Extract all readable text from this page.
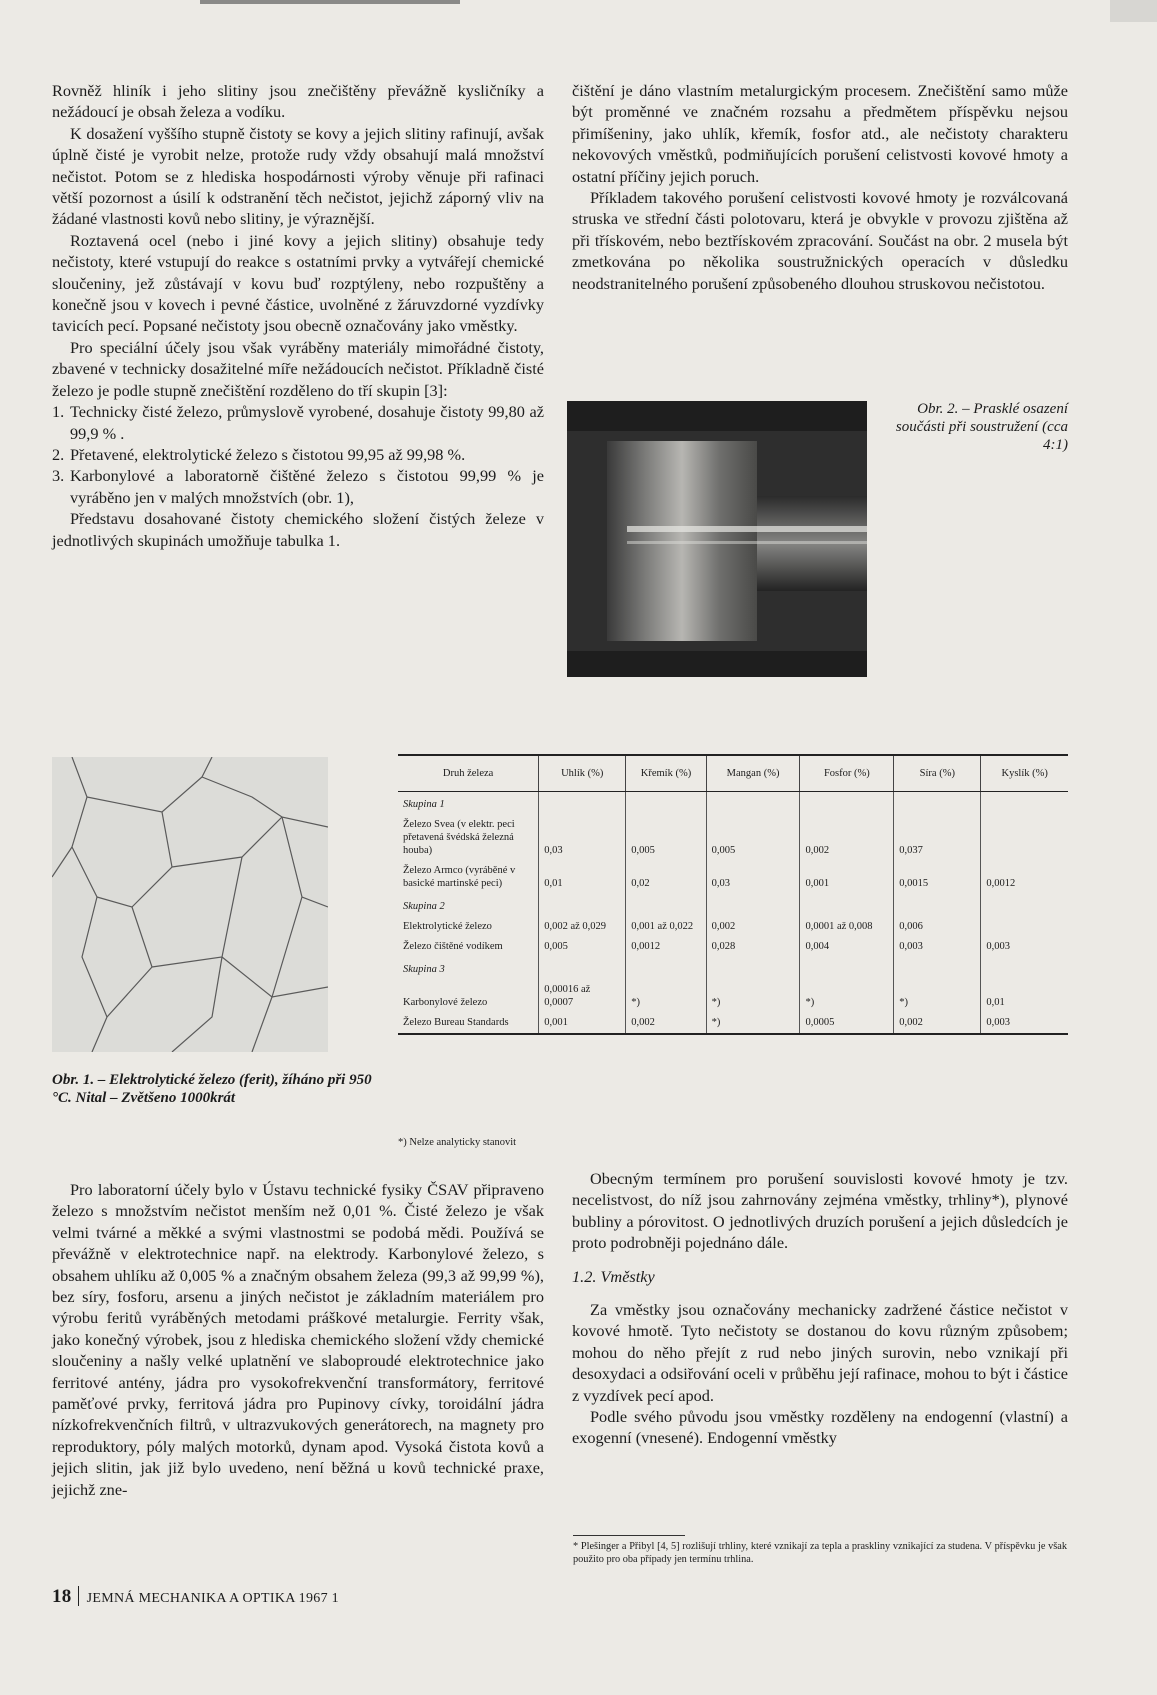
Rovněž hliník i jeho slitiny jsou znečištěny převážně kysličníky a nežádoucí je obsah železa a vodíku.

K dosažení vyššího stupně čistoty se kovy a jejich slitiny rafinují, avšak úplně čisté je vyrobit nelze, protože rudy vždy obsahují malá množství nečistot. Potom se z hlediska hospodárnosti výroby věnuje při rafinaci větší pozornost a úsilí k odstranění těch nečistot, jejichž záporný vliv na žádané vlastnosti kovů nebo slitiny, je výraznější.

Roztavená ocel (nebo i jiné kovy a jejich slitiny) obsahuje tedy nečistoty, které vstupují do reakce s ostatními prvky a vytvářejí chemické sloučeniny, jež zůstávají v kovu buď rozptýleny, nebo rozpuštěny a konečně jsou v kovech i pevné částice, uvolněné z žáruvzdorné vyzdívky tavicích pecí. Popsané nečistoty jsou obecně označovány jako vměstky.

Pro speciální účely jsou však vyráběny materiály mimořádné čistoty, zbavené v technicky dosažitelné míře nežádoucích nečistot. Příkladně čisté železo je podle stupně znečištění rozděleno do tří skupin [3]:

1. Technicky čisté železo, průmyslově vyrobené, dosahuje čistoty 99,80 až 99,9 % .
2. Přetavené, elektrolytické železo s čistotou 99,95 až 99,98 %.
3. Karbonylové a laboratorně čištěné železo s čistotou 99,99 % je vyráběno jen v malých množstvích (obr. 1),

Představu dosahované čistoty chemického složení čistých železe v jednotlivých skupinách umožňuje tabulka 1.

čištění je dáno vlastním metalurgickým procesem. Znečištění samo může být proměnné ve značném rozsahu a předmětem příspěvku nejsou přimíšeniny, jako uhlík, křemík, fosfor atd., ale nečistoty charakteru nekovových vměstků, podmiňujících porušení celistvosti kovové hmoty a ostatní příčiny jejich poruch.

Příkladem takového porušení celistvosti kovové hmoty je rozválcovaná struska ve střední části polotovaru, která je obvykle v provozu zjištěna až při třískovém, nebo beztřískovém zpracování. Součást na obr. 2 musela být zmetkována po několika soustružnických operacích v důsledku neodstranitelného porušení způsobeného dlouhou struskovou nečistotou.

Obr. 2. – Prasklé osazení součásti při soustružení (cca 4:1)
Obr. 1. – Elektrolytické železo (ferit), žíháno při 950 °C. Nital – Zvětšeno 1000krát
Druh železa	Uhlík (%)	Křemík (%)	Mangan (%)	Fosfor (%)	Síra (%)	Kyslík (%)
Skupina 1						
Železo Svea (v elektr. peci přetavená švédská železná houba)	0,03	0,005	0,005	0,002	0,037	
Železo Armco (vyráběné v basické martinské peci)	0,01	0,02	0,03	0,001	0,0015	0,0012
Skupina 2						
Elektrolytické železo	0,002 až 0,029	0,001 až 0,022	0,002	0,0001 až 0,008	0,006	
Železo čištěné vodíkem	0,005	0,0012	0,028	0,004	0,003	0,003
Skupina 3						
Karbonylové železo	0,00016 až 0,0007	*)	*)	*)	*)	0,01
Železo Bureau Standards	0,001	0,002	*)	0,0005	0,002	0,003
*) Nelze analyticky stanovit

Pro laboratorní účely bylo v Ústavu technické fysiky ČSAV připraveno železo s množstvím nečistot menším než 0,01 %. Čisté železo je však velmi tvárné a měkké a svými vlastnostmi se podobá mědi. Používá se převážně v elektrotechnice např. na elektrody. Karbonylové železo, s obsahem uhlíku až 0,005 % a značným obsahem železa (99,3 až 99,99 %), bez síry, fosforu, arsenu a jiných nečistot je základním materiálem pro výrobu feritů vyráběných metodami práškové metalurgie. Ferrity však, jako konečný výrobek, jsou z hlediska chemického složení vždy chemické sloučeniny a našly velké uplatnění ve slaboproudé elektrotechnice jako ferritové antény, jádra pro vysokofrekvenční transformátory, ferritové paměťové prvky, ferritová jádra pro Pupinovy cívky, toroidální jádra nízkofrekvenčních filtrů, v ultrazvukových generátorech, na magnety pro reproduktory, póly malých motorků, dynam apod. Vysoká čistota kovů a jejich slitin, jak již bylo uvedeno, není běžná u kovů technické praxe, jejichž zne-

Obecným termínem pro porušení souvislosti kovové hmoty je tzv. necelistvost, do níž jsou zahrnovány zejména vměstky, trhliny*), plynové bubliny a pórovitost. O jednotlivých druzích porušení a jejich důsledcích je proto podrobněji pojednáno dále.

1.2. Vměstky

Za vměstky jsou označovány mechanicky zadržené částice nečistot v kovové hmotě. Tyto nečistoty se dostanou do kovu různým způsobem; mohou do něho přejít z rud nebo jiných surovin, nebo vznikají při desoxydaci a odsiřování oceli v průběhu její rafinace, mohou to být i částice z vyzdívek pecí apod.

Podle svého původu jsou vměstky rozděleny na endogenní (vlastní) a exogenní (vnesené). Endogenní vměstky

* Plešinger a Přibyl [4, 5] rozlišují trhliny, které vznikají za tepla a praskliny vznikající za studena. V příspěvku je však použito pro oba případy jen termínu trhlina.
18 JEMNÁ MECHANIKA A OPTIKA 1967 1
